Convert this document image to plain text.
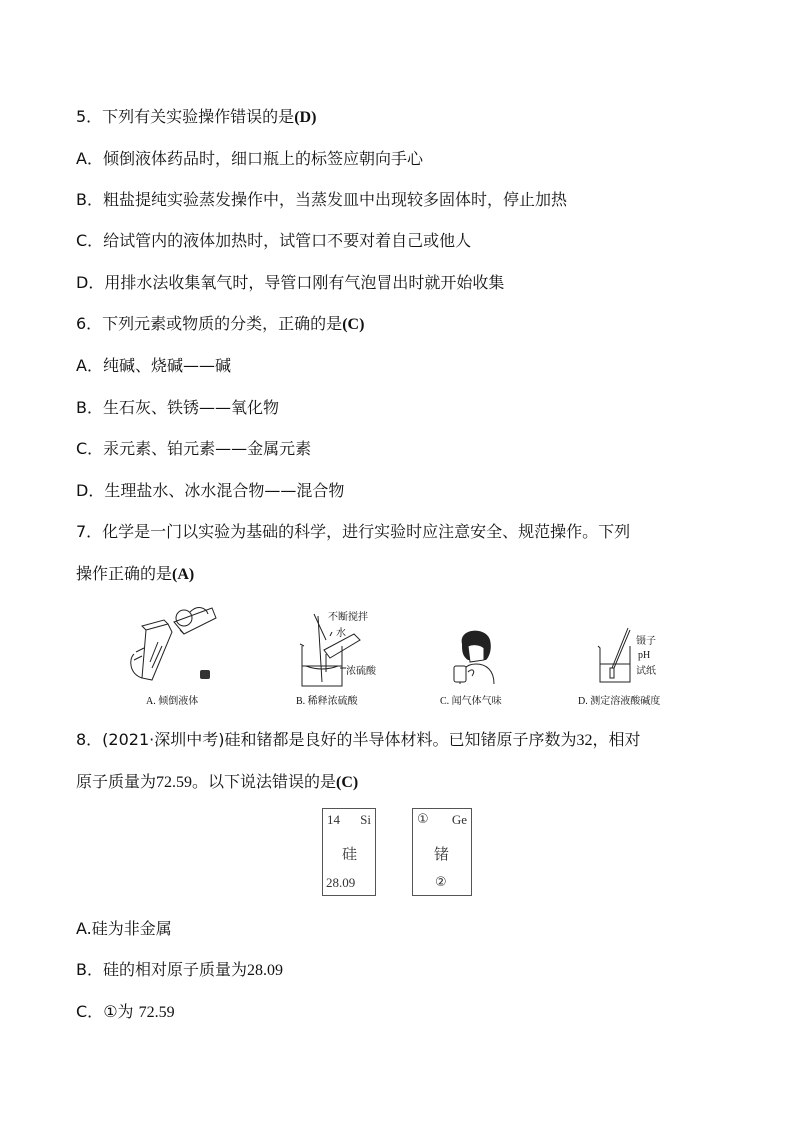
5．下列有关实验操作错误的是(D)
A．倾倒液体药品时，细口瓶上的标签应朝向手心
B．粗盐提纯实验蒸发操作中，当蒸发皿中出现较多固体时，停止加热
C．给试管内的液体加热时，试管口不要对着自己或他人
D．用排水法收集氧气时，导管口刚有气泡冒出时就开始收集
6．下列元素或物质的分类，正确的是(C)
A．纯碱、烧碱——碱
B．生石灰、铁锈——氧化物
C．汞元素、铂元素——金属元素
D．生理盐水、冰水混合物——混合物
7．化学是一门以实验为基础的科学，进行实验时应注意安全、规范操作。下列
操作正确的是(A)
A. 倾倒液体
不断搅拌
水
浓硫酸
B. 稀释浓硫酸	C. 闻气体气味
镊子
pH
试纸
D. 测定溶液酸碱度
8．(2021·深圳中考)硅和锗都是良好的半导体材料。已知锗原子序数为32，相对
原子质量为72.59。以下说法错误的是(C)
14 Si
硅
28.09
① Ge
锗
②
A.硅为非金属
B．硅的相对原子质量为28.09
C．①为 72.59
